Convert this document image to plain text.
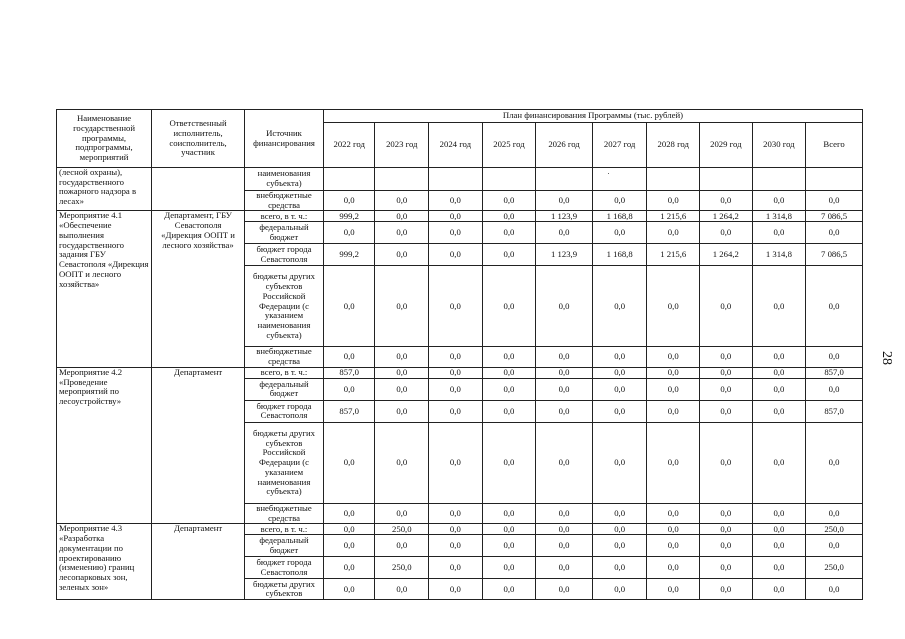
Наименование государственной программы, подпрограммы, мероприятий	Ответственный исполнитель, соисполнитель, участник	Источник финансирования	План финансирования Программы (тыс. рублей)									
			2022 год	2023 год	2024 год	2025 год	2026 год	2027 год	2028 год	2029 год	2030 год	Всего
(лесной охраны), государственного пожарного надзора в лесах»		наименования субъекта)										
		внебюджетные средства	0,0	0,0	0,0	0,0	0,0	0,0	0,0	0,0	0,0	0,0
Мероприятие 4.1 «Обеспечение выполнения государственного задания ГБУ Севастополя «Дирекция ООПТ и лесного хозяйства»	Департамент, ГБУ Севастополя «Дирекция ООПТ и лесного хозяйства»	всего, в т. ч.:	999,2	0,0	0,0	0,0	1 123,9	1 168,8	1 215,6	1 264,2	1 314,8	7 086,5
		федеральный бюджет	0,0	0,0	0,0	0,0	0,0	0,0	0,0	0,0	0,0	0,0
		бюджет города Севастополя	999,2	0,0	0,0	0,0	1 123,9	1 168,8	1 215,6	1 264,2	1 314,8	7 086,5
		бюджеты других субъектов Российской Федерации (с указанием наименования субъекта)	0,0	0,0	0,0	0,0	0,0	0,0	0,0	0,0	0,0	0,0
		внебюджетные средства	0,0	0,0	0,0	0,0	0,0	0,0	0,0	0,0	0,0	0,0
Мероприятие 4.2 «Проведение мероприятий по лесоустройству»	Департамент	всего, в т. ч.:	857,0	0,0	0,0	0,0	0,0	0,0	0,0	0,0	0,0	857,0
		федеральный бюджет	0,0	0,0	0,0	0,0	0,0	0,0	0,0	0,0	0,0	0,0
		бюджет города Севастополя	857,0	0,0	0,0	0,0	0,0	0,0	0,0	0,0	0,0	857,0
		бюджеты других субъектов Российской Федерации (с указанием наименования субъекта)	0,0	0,0	0,0	0,0	0,0	0,0	0,0	0,0	0,0	0,0
		внебюджетные средства	0,0	0,0	0,0	0,0	0,0	0,0	0,0	0,0	0,0	0,0
Мероприятие 4.3 «Разработка документации по проектированию (изменению) границ лесопарковых зон, зеленых зон»	Департамент	всего, в т. ч.:	0,0	250,0	0,0	0,0	0,0	0,0	0,0	0,0	0,0	250,0
		федеральный бюджет	0,0	0,0	0,0	0,0	0,0	0,0	0,0	0,0	0,0	0,0
		бюджет города Севастополя	0,0	250,0	0,0	0,0	0,0	0,0	0,0	0,0	0,0	250,0
		бюджеты других субъектов	0,0	0,0	0,0	0,0	0,0	0,0	0,0	0,0	0,0	0,0
28
